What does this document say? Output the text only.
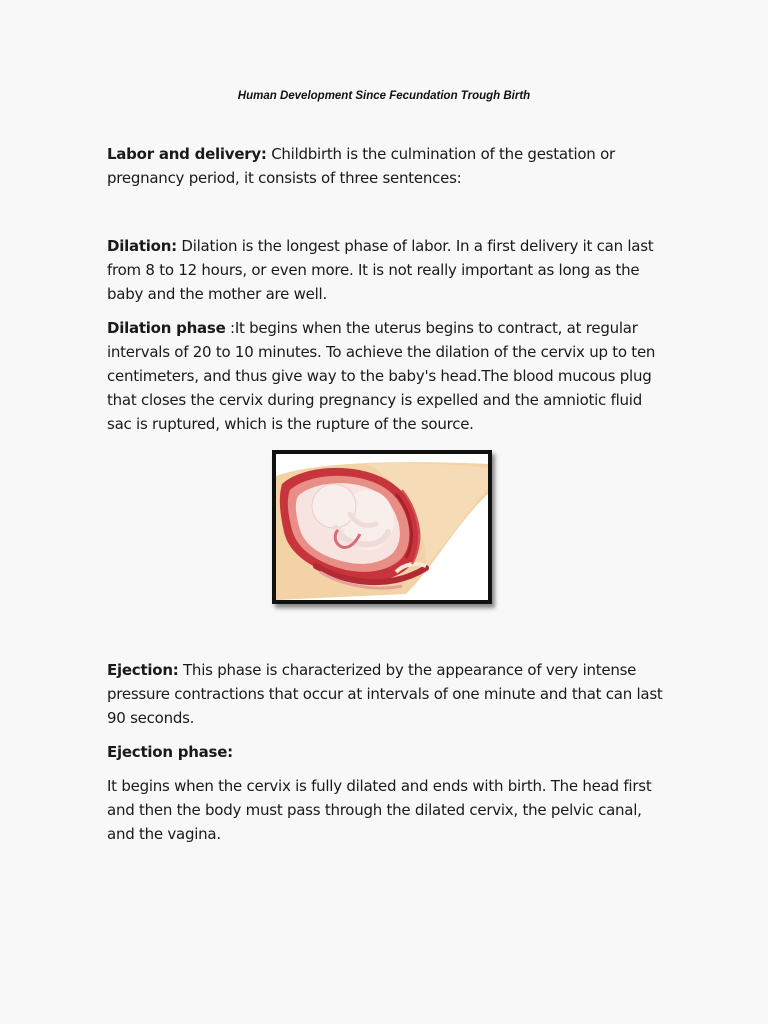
Human Development Since Fecundation Trough Birth

Labor and delivery: Childbirth is the culmination of the gestation or pregnancy period, it consists of three sentences:

Dilation: Dilation is the longest phase of labor. In a first delivery it can last from 8 to 12 hours, or even more. It is not really important as long as the baby and the mother are well.

Dilation phase :It begins when the uterus begins to contract, at regular intervals of 20 to 10 minutes. To achieve the dilation of the cervix up to ten centimeters, and thus give way to the baby's head.The blood mucous plug that closes the cervix during pregnancy is expelled and the amniotic fluid sac is ruptured, which is the rupture of the source.

Ejection: This phase is characterized by the appearance of very intense pressure contractions that occur at intervals of one minute and that can last 90 seconds.

Ejection phase:

It begins when the cervix is fully dilated and ends with birth. The head first and then the body must pass through the dilated cervix, the pelvic canal, and the vagina.
